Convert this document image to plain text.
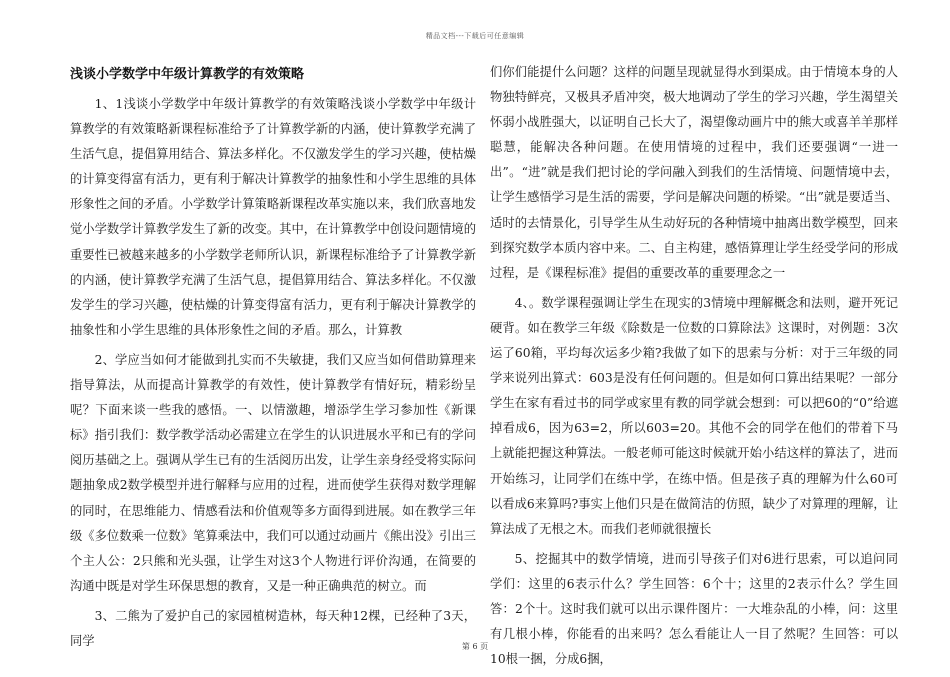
精品文档---下载后可任意编辑
浅谈小学数学中年级计算教学的有效策略

1、1浅谈小学数学中年级计算教学的有效策略浅谈小学数学中年级计算教学的有效策略新课程标准给予了计算教学新的内涵，使计算教学充满了生活气息，提倡算用结合、算法多样化。不仅激发学生的学习兴趣，使枯燥的计算变得富有活力，更有利于解决计算教学的抽象性和小学生思维的具体形象性之间的矛盾。小学数学计算策略新课程改革实施以来，我们欣喜地发觉小学数学计算教学发生了新的改变。其中，在计算教学中创设问题情境的重要性已被越来越多的小学数学老师所认识，新课程标准给予了计算教学新的内涵，使计算教学充满了生活气息，提倡算用结合、算法多样化。不仅激发学生的学习兴趣，使枯燥的计算变得富有活力，更有利于解决计算教学的抽象性和小学生思维的具体形象性之间的矛盾。那么，计算教

2、学应当如何才能做到扎实而不失敏捷，我们又应当如何借助算理来指导算法，从而提高计算教学的有效性，使计算教学有情好玩，精彩纷呈呢？下面来谈一些我的感悟。一、以情激趣，增添学生学习参加性《新课标》指引我们：数学教学活动必需建立在学生的认识进展水平和已有的学问阅历基础之上。强调从学生已有的生活阅历出发，让学生亲身经受将实际问题抽象成2数学模型并进行解释与应用的过程，进而使学生获得对数学理解的同时，在思维能力、情感看法和价值观等多方面得到进展。如在教学三年级《多位数乘一位数》笔算乘法中，我们可以通过动画片《熊出没》引出三个主人公：2只熊和光头强，让学生对这3个人物进行评价沟通，在简要的沟通中既是对学生环保思想的教育，又是一种正确典范的树立。而

3、二熊为了爱护自己的家园植树造林，每天种12棵，已经种了3天，同学

们你们能提什么问题？这样的问题呈现就显得水到渠成。由于情境本身的人物独特鲜亮，又极具矛盾冲突，极大地调动了学生的学习兴趣，学生渴望关怀弱小战胜强大，以证明自己长大了，渴望像动画片中的熊大或喜羊羊那样聪慧，能解决各种问题。在使用情境的过程中，我们还要强调“一进一出”。“进”就是我们把讨论的学问融入到我们的生活情境、问题情境中去，让学生感悟学习是生活的需要，学问是解决问题的桥梁。“出”就是要适当、适时的去情景化，引导学生从生动好玩的各种情境中抽离出数学模型，回来到探究数学本质内容中来。二、自主构建，感悟算理让学生经受学问的形成过程，是《课程标准》提倡的重要改革的重要理念之一

4、。数学课程强调让学生在现实的3情境中理解概念和法则，避开死记硬背。如在教学三年级《除数是一位数的口算除法》这课时，对例题：3次运了60箱，平均每次运多少箱?我做了如下的思索与分析：对于三年级的同学来说列出算式：603是没有任何问题的。但是如何口算出结果呢？一部分学生在家有看过书的同学或家里有教的同学就会想到：可以把60的“0”给遮掉看成6，因为63=2，所以603=20。其他不会的同学在他们的带着下马上就能把握这种算法。一般老师可能这时候就开始小结这样的算法了，进而开始练习，让同学们在练中学，在练中悟。但是孩子真的理解为什么60可以看成6来算吗?事实上他们只是在做简洁的仿照，缺少了对算理的理解，让算法成了无根之木。而我们老师就很擅长

5、挖掘其中的数学情境，进而引导孩子们对6进行思索，可以追问同学们：这里的6表示什么？学生回答：6个十；这里的2表示什么？学生回答：2个十。这时我们就可以出示课件图片：一大堆杂乱的小棒，问：这里有几根小棒，你能看的出来吗？怎么看能让人一目了然呢？生回答：可以10根一捆，分成6捆，

第 6 页
